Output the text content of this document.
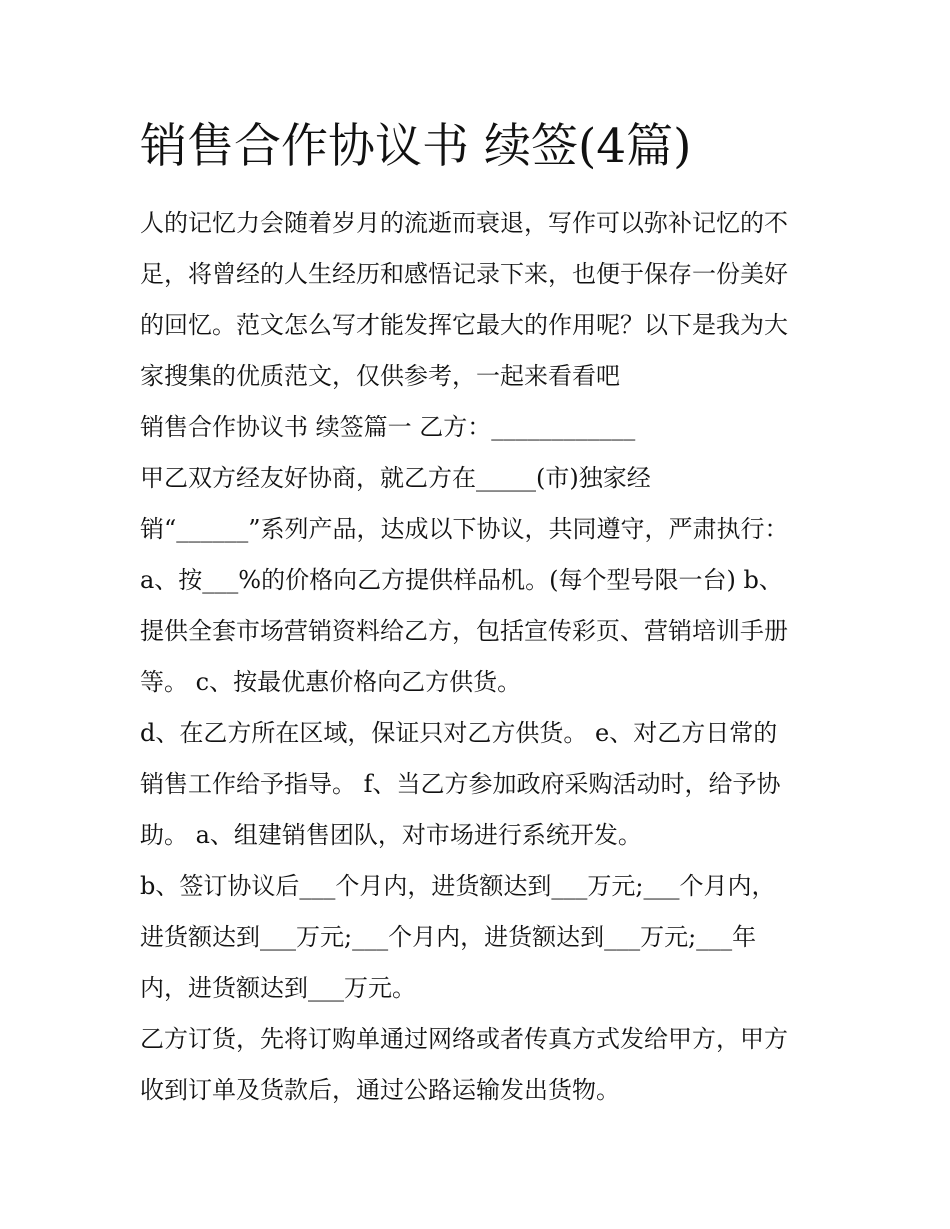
销售合作协议书 续签(4篇)

人的记忆力会随着岁月的流逝而衰退，写作可以弥补记忆的不

足，将曾经的人生经历和感悟记录下来，也便于保存一份美好

的回忆。范文怎么写才能发挥它最大的作用呢？以下是我为大

家搜集的优质范文，仅供参考，一起来看看吧

销售合作协议书 续签篇一 乙方：____________

甲乙双方经友好协商，就乙方在_____(市)独家经

销“______”系列产品，达成以下协议，共同遵守，严肃执行：

a、按___%的价格向乙方提供样品机。(每个型号限一台) b、

提供全套市场营销资料给乙方，包括宣传彩页、营销培训手册

等。 c、按最优惠价格向乙方供货。

d、在乙方所在区域，保证只对乙方供货。 e、对乙方日常的

销售工作给予指导。 f、当乙方参加政府采购活动时，给予协

助。 a、组建销售团队，对市场进行系统开发。

b、签订协议后___个月内，进货额达到___万元;___个月内，

进货额达到___万元;___个月内，进货额达到___万元;___年

内，进货额达到___万元。

乙方订货，先将订购单通过网络或者传真方式发给甲方，甲方

收到订单及货款后，通过公路运输发出货物。
